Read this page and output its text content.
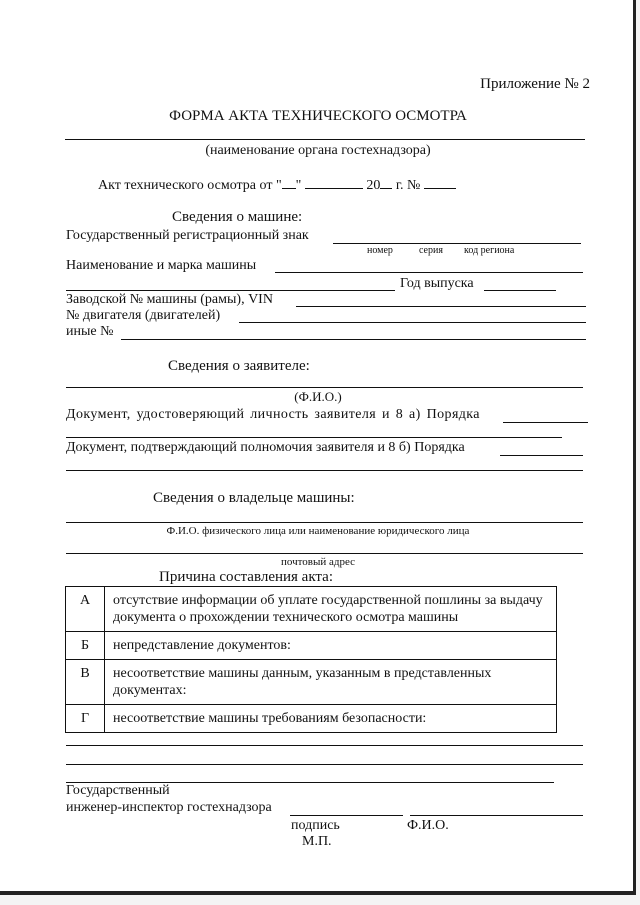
Приложение № 2
ФОРМА АКТА ТЕХНИЧЕСКОГО ОСМОТРА
(наименование органа гостехнадзора)
Акт технического осмотра от " "	20 г. №
Сведения о машине:
Государственный регистрационный знак
номер	серия код региона
Наименование и марка машины
Год выпуска
Заводской № машины (рамы), VIN
№ двигателя (двигателей)
иные №
Сведения о заявителе:
(Ф.И.О.)
Документ, удостоверяющий личность заявителя и 8 а) Порядка
Документ, подтверждающий полномочия заявителя и 8 б) Порядка
Сведения о владельце машины:
Ф.И.О. физического лица или наименование юридического лица
почтовый адрес
Причина составления акта:
А	отсутствие информации об уплате государственной пошлины за выдачу документа о прохождении технического осмотра машины
Б	непредставление документов:
В	несоответствие машины данным, указанным в представленных документах:
Г	несоответствие машины требованиям безопасности:
Государственный
инженер-инспектор гостехнадзора
подпись	Ф.И.О.
М.П.
